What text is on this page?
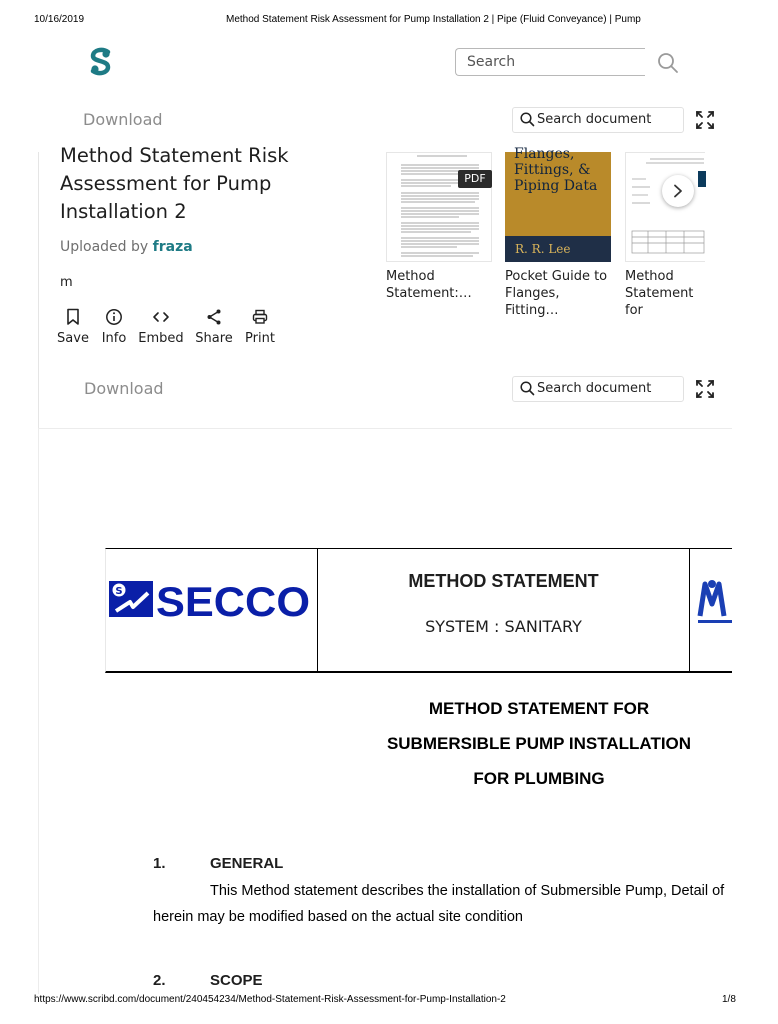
10/16/2019	Method Statement Risk Assessment for Pump Installation 2 | Pipe (Fluid Conveyance) | Pump
Search
Download	Search document
Method Statement Risk Assessment for Pump Installation 2
Uploaded by fraza
m
Save Info Embed Share Print
PDF
Method Statement:…
Flanges, Fittings, & Piping Data
R. R. Lee
Pocket Guide to Flanges, Fitting…
Method Statement for
Download	Search document
S SECCO	METHOD STATEMENT
SYSTEM : SANITARY
METHOD STATEMENT FOR
SUBMERSIBLE PUMP INSTALLATION
FOR PLUMBING
1.	GENERAL
This Method statement describes the installation of Submersible Pump, Detail of
herein may be modified based on the actual site condition
2.	SCOPE
https://www.scribd.com/document/240454234/Method-Statement-Risk-Assessment-for-Pump-Installation-2	1/8
